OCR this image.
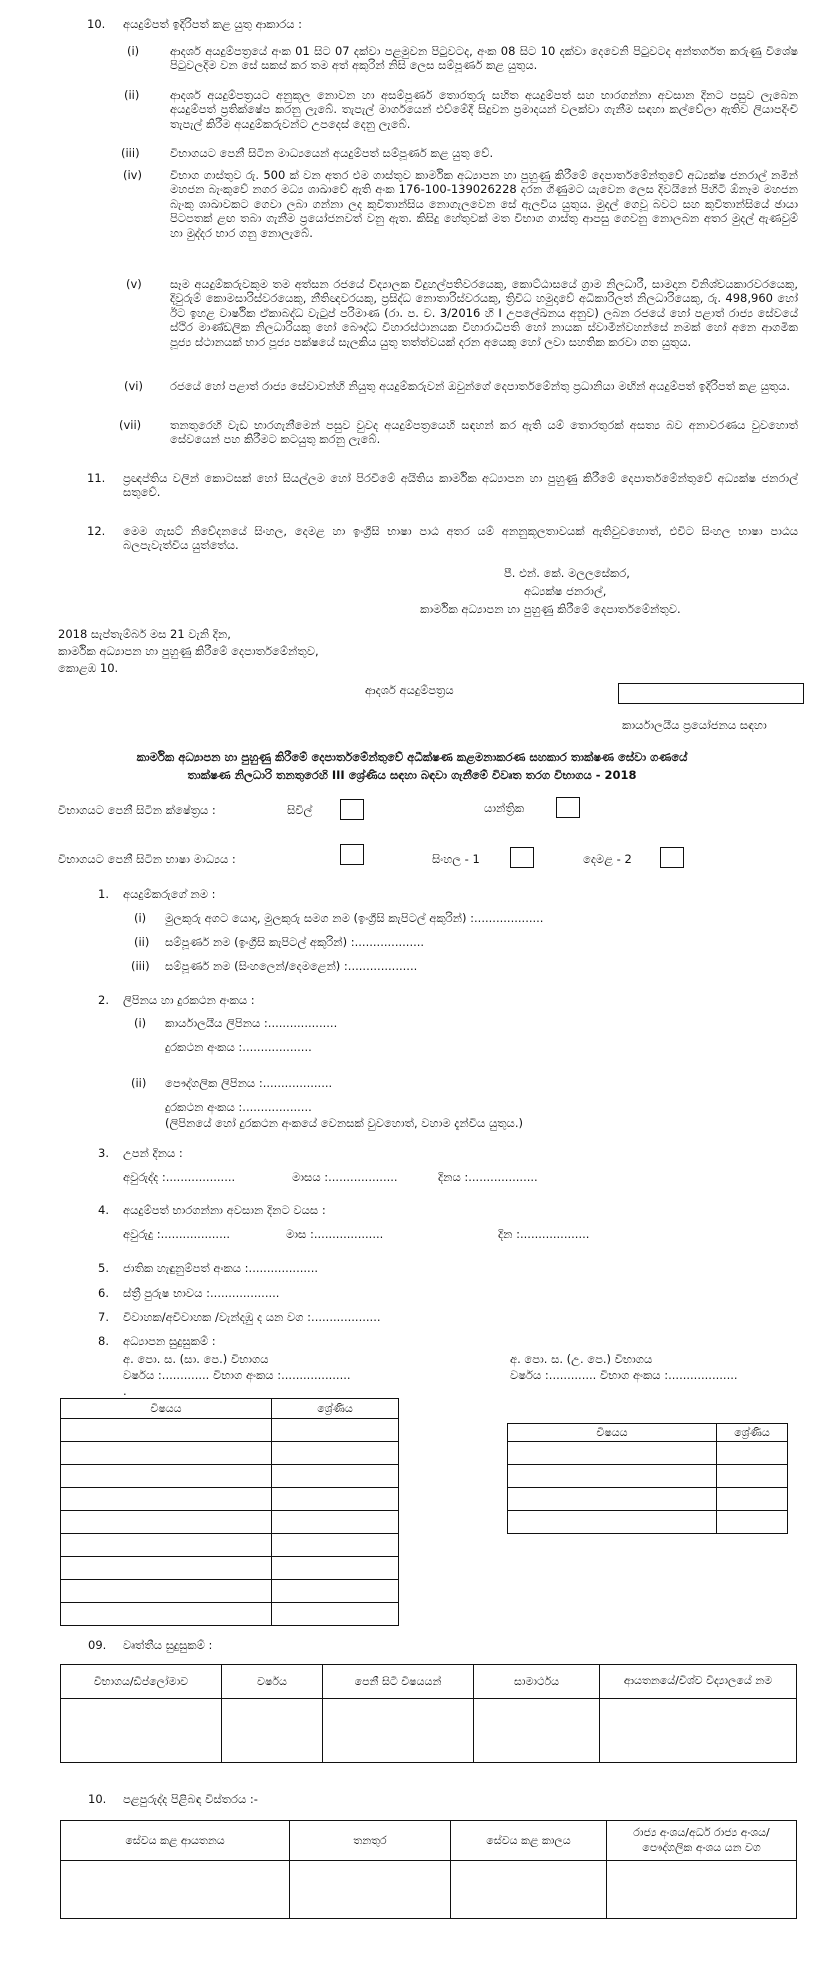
10. අයදුම්පත් ඉදිරිපත් කළ යුතු ආකාරය :
(i)	ආදර්ශ අයදුම්පත්‍රයේ අංක 01 සිට 07 දක්වා පළමුවන පිටුවටද, අංක 08 සිට 10 දක්වා දෙවෙනි පිටුවටද අන්තර්ගත කරුණු විශේෂ පිටුවලදිම වන සේ සකස් කර තම අත් අකුරින් නිසි ලෙස සම්පූර්ණ කළ යුතුය.
(ii)	ආදර්ශ අයදුම්පත්‍රයට අනුකූල නොවන හා අසම්පූර්ණ තොරතුරු සහිත අයදුම්පත් සහ භාරගන්නා අවසාන දිනට පසුව ලැබෙන අයදුම්පත් ප්‍රතික්ෂේප කරනු ලැබේ. තැපැල් මාර්ගයෙන් එව්මේදී සිදුවන ප්‍රමාදයන් වලක්වා ගැනීම සඳහා කල්වේලා ඇතිව ලියාපදිංචි තැපැල් කිරීම අයදුම්කරුවන්ට උපදෙස් දෙනු ලැබේ.
(iii)	විභාගයට පෙනී සිටින මාධ්‍යයෙන් අයදුම්පත් සම්පූර්ණ කළ යුතු වේ.
(iv) විභාග ගාස්තුව රු. 500 ක් වන අතර එම ගාස්තුව කාර්මික අධ්‍යාපන හා පුහුණු කිරීමේ දෙපාර්තමේන්තුවේ අධ්‍යක්ෂ ජනරාල් නමින් මහජන බැංකුවේ නගර මධ්‍ය ශාඛාවේ ඇති අංක 176-100-139026228 දරන ගිණුමට යැවෙන ලෙස දිවයිනේ පිහිටි ඕනෑම මහජන බැංකු ශාඛාවකට ගෙවා ලබා ගන්නා ලද කුවිතාන්සිය නොගැලවෙන සේ ඇලවිය යුතුය. මුදල් ගෙවූ බවට සහ කුවිතාන්සියේ ඡායා පිටපතක් ළඟ තබා ගැනීම ප්‍රයෝජනවත් වනු ඇත. කිසිදු හේතුවක් මත විභාග ගාස්තු ආපසු ගෙවනු නොලබන අතර මුදල් ඇණවුම් හා මුද්දර භාර ගනු නොලැබේ.
(v) සෑම අයදුම්කරුවකුම තම අත්සන රජයේ විද්‍යාලක විදුහල්පතිවරයෙකු, කොට්ඨාසයේ ග්‍රාම නිලධාරී, සාමදාන විනිශ්චයකාරවරයෙකු, දිවුරුම් කොමසාරිස්වරයෙකු, නීතිඥවරයකු, ප්‍රසිද්ධ නොතාරිස්වරයකු, ත්‍රිවිධ හමුදාවේ අධිකාරිලත් නිලධාරියෙකු, රු. 498,960 හෝ ඊට ඉහළ වාර්ෂික ඒකාබද්ධ වැටුප් පරිමාණ (රා. ප. ච. 3/2016 හි I උපලේඛනය අනුව) ලබන රජයේ හෝ පළාත් රාජ්‍ය සේවයේ ස්ථිර මාණ්ඩලික නිලධාරියකු හෝ බෞද්ධ විහාරස්ථානයක විහාරාධිපති හෝ නායක ස්වාමීන්වහන්සේ නමක් හෝ අනෙ ආගමික පූජ්‍ය ස්ථානයක් භාර පූජ්‍ය පක්ෂයේ සැලකිය යුතු තත්ත්වයක් දරන අයෙකු හෝ ලවා සහතික කරවා ගත යුතුය.
(vi) රජයේ හෝ පළාත් රාජ්‍ය සේවාවන්හි නියුතු අයදුම්කරුවන් ඔවුන්ගේ දෙපාර්තමේන්තු ප්‍රධානියා මඟින් අයදුම්පත් ඉදිරිපත් කළ යුතුය.
(vii)	තනතුරෙහි වැඩ භාරගැනීමෙන් පසුව වුවද අයදුම්පත්‍රයෙහි සඳහන් කර ඇති යම් තොරතුරක් අසත්‍ය බව අනාවරණය වුවහොත් සේවයෙන් පහ කිරීමට කටයුතු කරනු ලැබේ.
11. ප්‍රඥප්තිය වලින් කොටසක් හෝ සියල්ලම හෝ පිරවීමේ අයිතිය කාර්මික අධ්‍යාපන හා පුහුණු කිරීමේ දෙපාර්තමේන්තුවේ අධ්‍යක්ෂ ජනරාල් සතුවේ.
12. මෙම ගැසට් නිවේදනයේ සිංහල, දෙමළ හා ඉංග්‍රීසි භාෂා පාඨ අතර යම් අනනුකූලතාවයක් ඇතිවුවහොත්, එවිට සිංහල භාෂා පාඨය බලපැවැත්විය යුත්තේය.
පී. එන්. කේ. මලලසේකර,
අධ්‍යක්ෂ ජනරාල්,
කාර්මික අධ්‍යාපන හා පුහුණු කිරීමේ දෙපාර්තමේන්තුව.
2018 සැප්තැම්බර් මස 21 වැනි දින,
කාර්මික අධ්‍යාපන හා පුහුණු කිරීමේ දෙපාර්තමේන්තුව,
කොළඹ 10.
ආදර්ශ අයදුම්පත්‍රය
කාර්යාලයීය ප්‍රයෝජනය සඳහා
කාර්මික අධ්‍යාපන හා පුහුණු කිරීමේ දෙපාර්තමේන්තුවේ අධීක්ෂණ කළමනාකරණ සහකාර තාක්ෂණ සේවා ගණයේ
තාක්ෂණ නිලධාරි තනතුරෙහි III ශ්‍රේණිය සඳහා බඳවා ගැනීමේ විවෘත තරග විභාගය - 2018
විභාගයට පෙනී සිටින ක්ෂේත්‍රය :	සිවිල්	යාන්ත්‍රික
විභාගයට පෙනී සිටින භාෂා මාධ්‍යය :	සිංහල - 1	දෙමළ - 2
1. අයදුම්කරුගේ නම :
(i) මුලකුරු අගට යොදා, මුලකුරු සමග නම (ඉංග්‍රීසි කැපිටල් අකුරින්) :...................
(ii) සම්පූර්ණ නම (ඉංග්‍රීසි කැපිටල් අකුරින්) :...................
(iii) සම්පූර්ණ නම (සිංහලෙන්/දෙමළෙන්) :...................
2. ලිපිනය හා දුරකථන අංකය :
(i) කාර්යාලයීය ලිපිනය :...................
දුරකථන අංකය :...................
(ii) පෞද්ගලික ලිපිනය :...................
දුරකථන අංකය :...................
(ලිපිනයේ හෝ දුරකථන අංකයේ වෙනසක් වුවහොත්, වහාම දැන්විය යුතුය.)
3. උපන් දිනය :
අවුරුද්ද :...................	මාසය :...................	දිනය :...................
4. අයදුම්පත් භාරගන්නා අවසාන දිනට වයස :
අවුරුදු :...................	මාස :...................	දින :...................
5. ජාතික හැඳුනුම්පත් අංකය :...................
6. ස්ත්‍රී පුරුෂ භාවය :...................
7. විවාහක/අවිවාහක /වැන්දඹු ද යන වග :...................
8. අධ්‍යාපන සුදුසුකම් :
අ. පො. ස. (සා. පෙ.) විභාගය
වර්ෂය :............. විභාග අංකය :...................
.
අ. පො. ස. (උ. පෙ.) විභාගය
වර්ෂය :............. විභාග අංකය :...................
විෂයය	ශ්‍රේණිය

විෂයය	ශ්‍රේණිය

09. වෘත්තීය සුදුසුකම් :
විභාගය/ඩිප්ලෝමාව	වර්ෂය	පෙනී සිටි විෂයයන්	සාමාර්ථය	ආයතනයේ/විශ්ව විද්‍යාලයේ නම

10. පළපුරුද්ද පිළිබඳ විස්තරය :-
සේවය කළ ආයතනය	තනතුර	සේවය කළ කාලය	රාජ්‍ය අංශය/අර්ධ රාජ්‍ය අංශය/පෞද්ගලික අංශය යන වග
